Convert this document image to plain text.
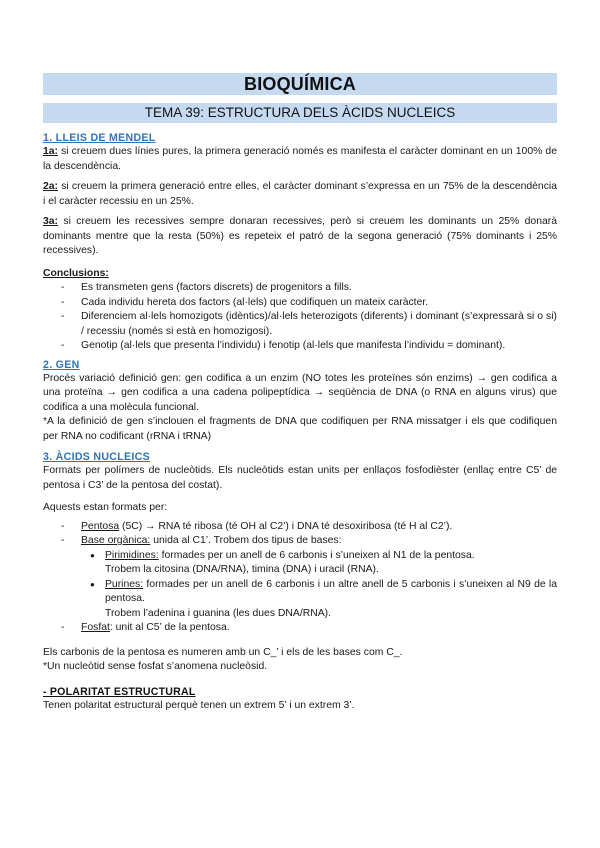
BIOQUÍMICA
TEMA 39: ESTRUCTURA DELS ÀCIDS NUCLEICS
1. LLEIS DE MENDEL

1a: si creuem dues línies pures, la primera generació només es manifesta el caràcter dominant en un 100% de la descendència.

2a: si creuem la primera generació entre elles, el caràcter dominant s’expressa en un 75% de la descendència i el caràcter recessiu en un 25%.

3a: si creuem les recessives sempre donaran recessives, però si creuem les dominants un 25% donarà dominants mentre que la resta (50%) es repeteix el patró de la segona generació (75% dominants i 25% recessives).

Conclusions:

- Es transmeten gens (factors discrets) de progenitors a fills.
- Cada individu hereta dos factors (al·lels) que codifiquen un mateix caràcter.
- Diferenciem al·lels homozigots (idèntics)/al·lels heterozigots (diferents) i dominant (s’expressarà si o si) / recessiu (només si està en homozigosi).
- Genotip (al·lels que presenta l’individu) i fenotip (al·lels que manifesta l’individu = dominant).
2. GEN

Procés variació definició gen: gen codifica a un enzim (NO totes les proteïnes són enzims) → gen codifica a una proteïna → gen codifica a una cadena polipeptídica → seqüència de DNA (o RNA en alguns virus) que codifica a una molècula funcional.

*A la definició de gen s’inclouen el fragments de DNA que codifiquen per RNA missatger i els que codifiquen per RNA no codificant (rRNA i tRNA)

3. ÀCIDS NUCLEICS

Formats per polímers de nucleòtids. Els nucleòtids estan units per enllaços fosfodièster (enllaç entre C5’ de pentosa i C3’ de la pentosa del costat).

Aquests estan formats per:

- Pentosa (5C) → RNA té ribosa (té OH al C2’) i DNA té desoxiribosa (té H al C2’).
- Base orgànica: unida al C1’. Trobem dos tipus de bases:
● Pirimidines: formades per un anell de 6 carbonis i s’uneixen al N1 de la pentosa.
Trobem la citosina (DNA/RNA), timina (DNA) i uracil (RNA).
● Purines: formades per un anell de 6 carbonis i un altre anell de 5 carbonis i s’uneixen al N9 de la pentosa.
Trobem l’adenina i guanina (les dues DNA/RNA).
- Fosfat: unit al C5’ de la pentosa.

Els carbonis de la pentosa es numeren amb un C_’ i els de les bases com C_.

*Un nucleòtid sense fosfat s’anomena nucleòsid.

- POLARITAT ESTRUCTURAL

Tenen polaritat estructural perquè tenen un extrem 5’ i un extrem 3’.
